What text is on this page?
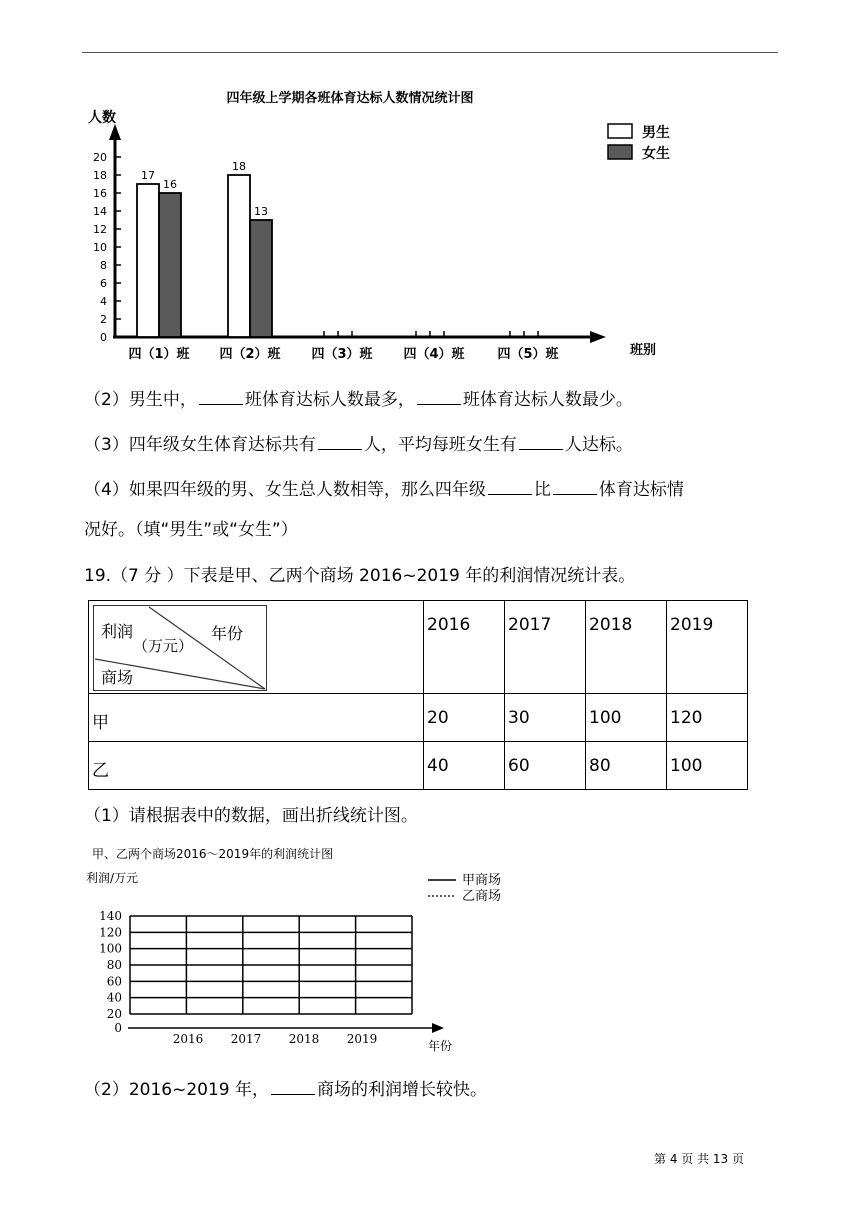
四年级上学期各班体育达标人数情况统计图
人数
0
2
4
6
8
10
12
14
16
18
20
17
16
18
13
四（1）班 四（2）班 四（3）班 四（4）班	四（5）班	班别
男生
女生
（2）男生中，	班体育达标人数最多，	班体育达标人数最少。
（3）四年级女生体育达标共有	人，平均每班女生有	人达标。
（4）如果四年级的男、女生总人数相等，那么四年级	比	体育达标情
况好。（填“男生”或“女生”）
19.（7 分 ）下表是甲、乙两个商场 2016~2019 年的利润情况统计表。
利润
（万元）
年份
商场	2016	2017	2018	2019

甲	20	30	100	120

乙	40	60	80	100
（1）请根据表中的数据，画出折线统计图。
甲、乙两个商场2016～2019年的利润统计图
利润/万元
0
20
40
60
80
100
120
140
2016 2017 2018 2019	年份
甲商场
乙商场
（2）2016~2019 年，	商场的利润增长较快。
第 4 页 共 13 页
